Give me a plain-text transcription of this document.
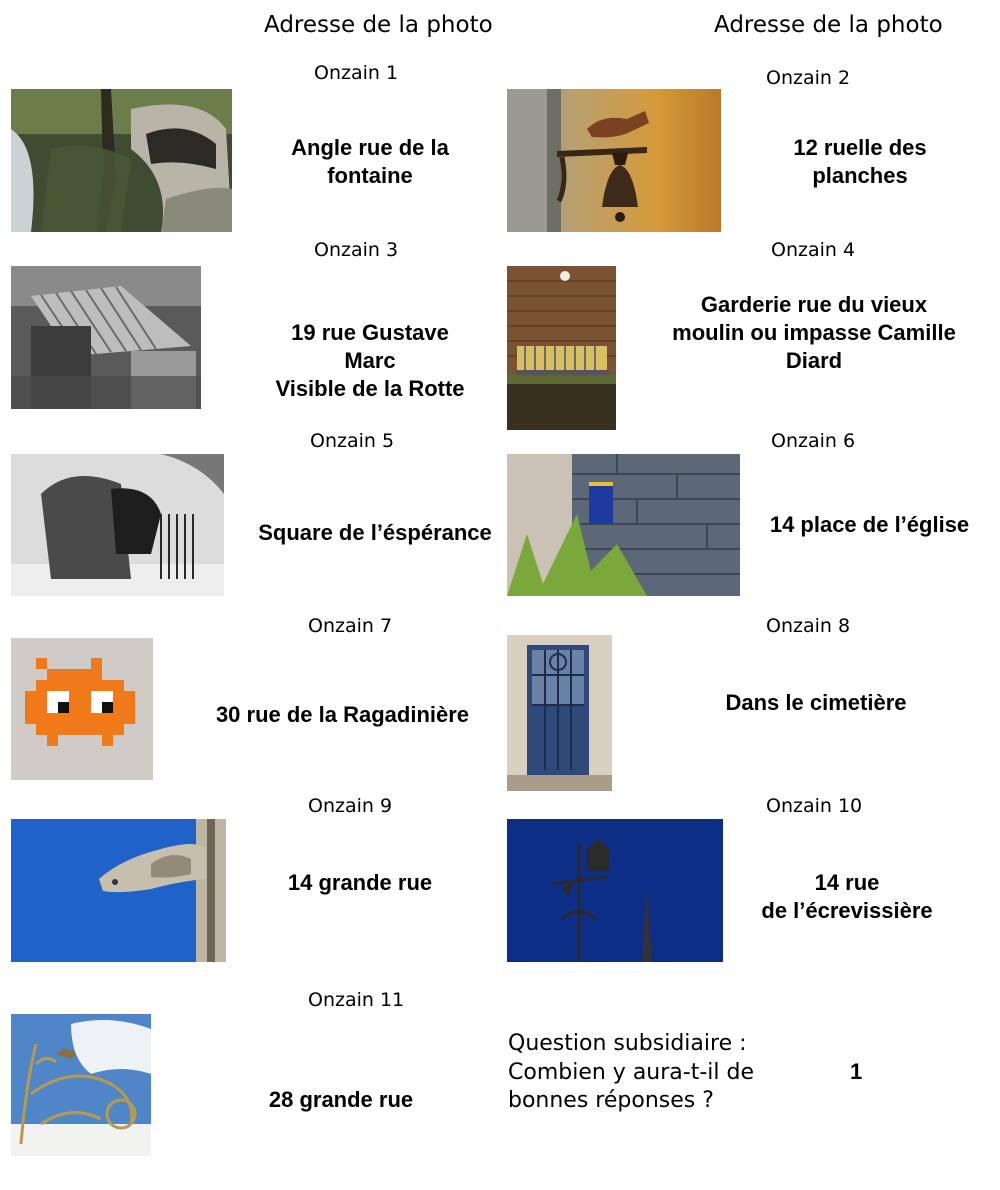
Adresse de la photo	Adresse de la photo
Onzain 1
Angle rue de la
fontaine
Onzain 2
12 ruelle des
planches
Onzain 3
19 rue Gustave
Marc
Visible de la Rotte
Onzain 4
Garderie rue du vieux
moulin ou impasse Camille
Diard
Onzain 5
Square de l’éspérance
Onzain 6
14 place de l’église
Onzain 7
30 rue de la Ragadinière
Onzain 8
Dans le cimetière
Onzain 9
14 grande rue
Onzain 10
14 rue
de l’écrevissière
Onzain 11
28 grande rue
Question subsidiaire :
Combien y aura-t-il de
bonnes réponses ?
1
